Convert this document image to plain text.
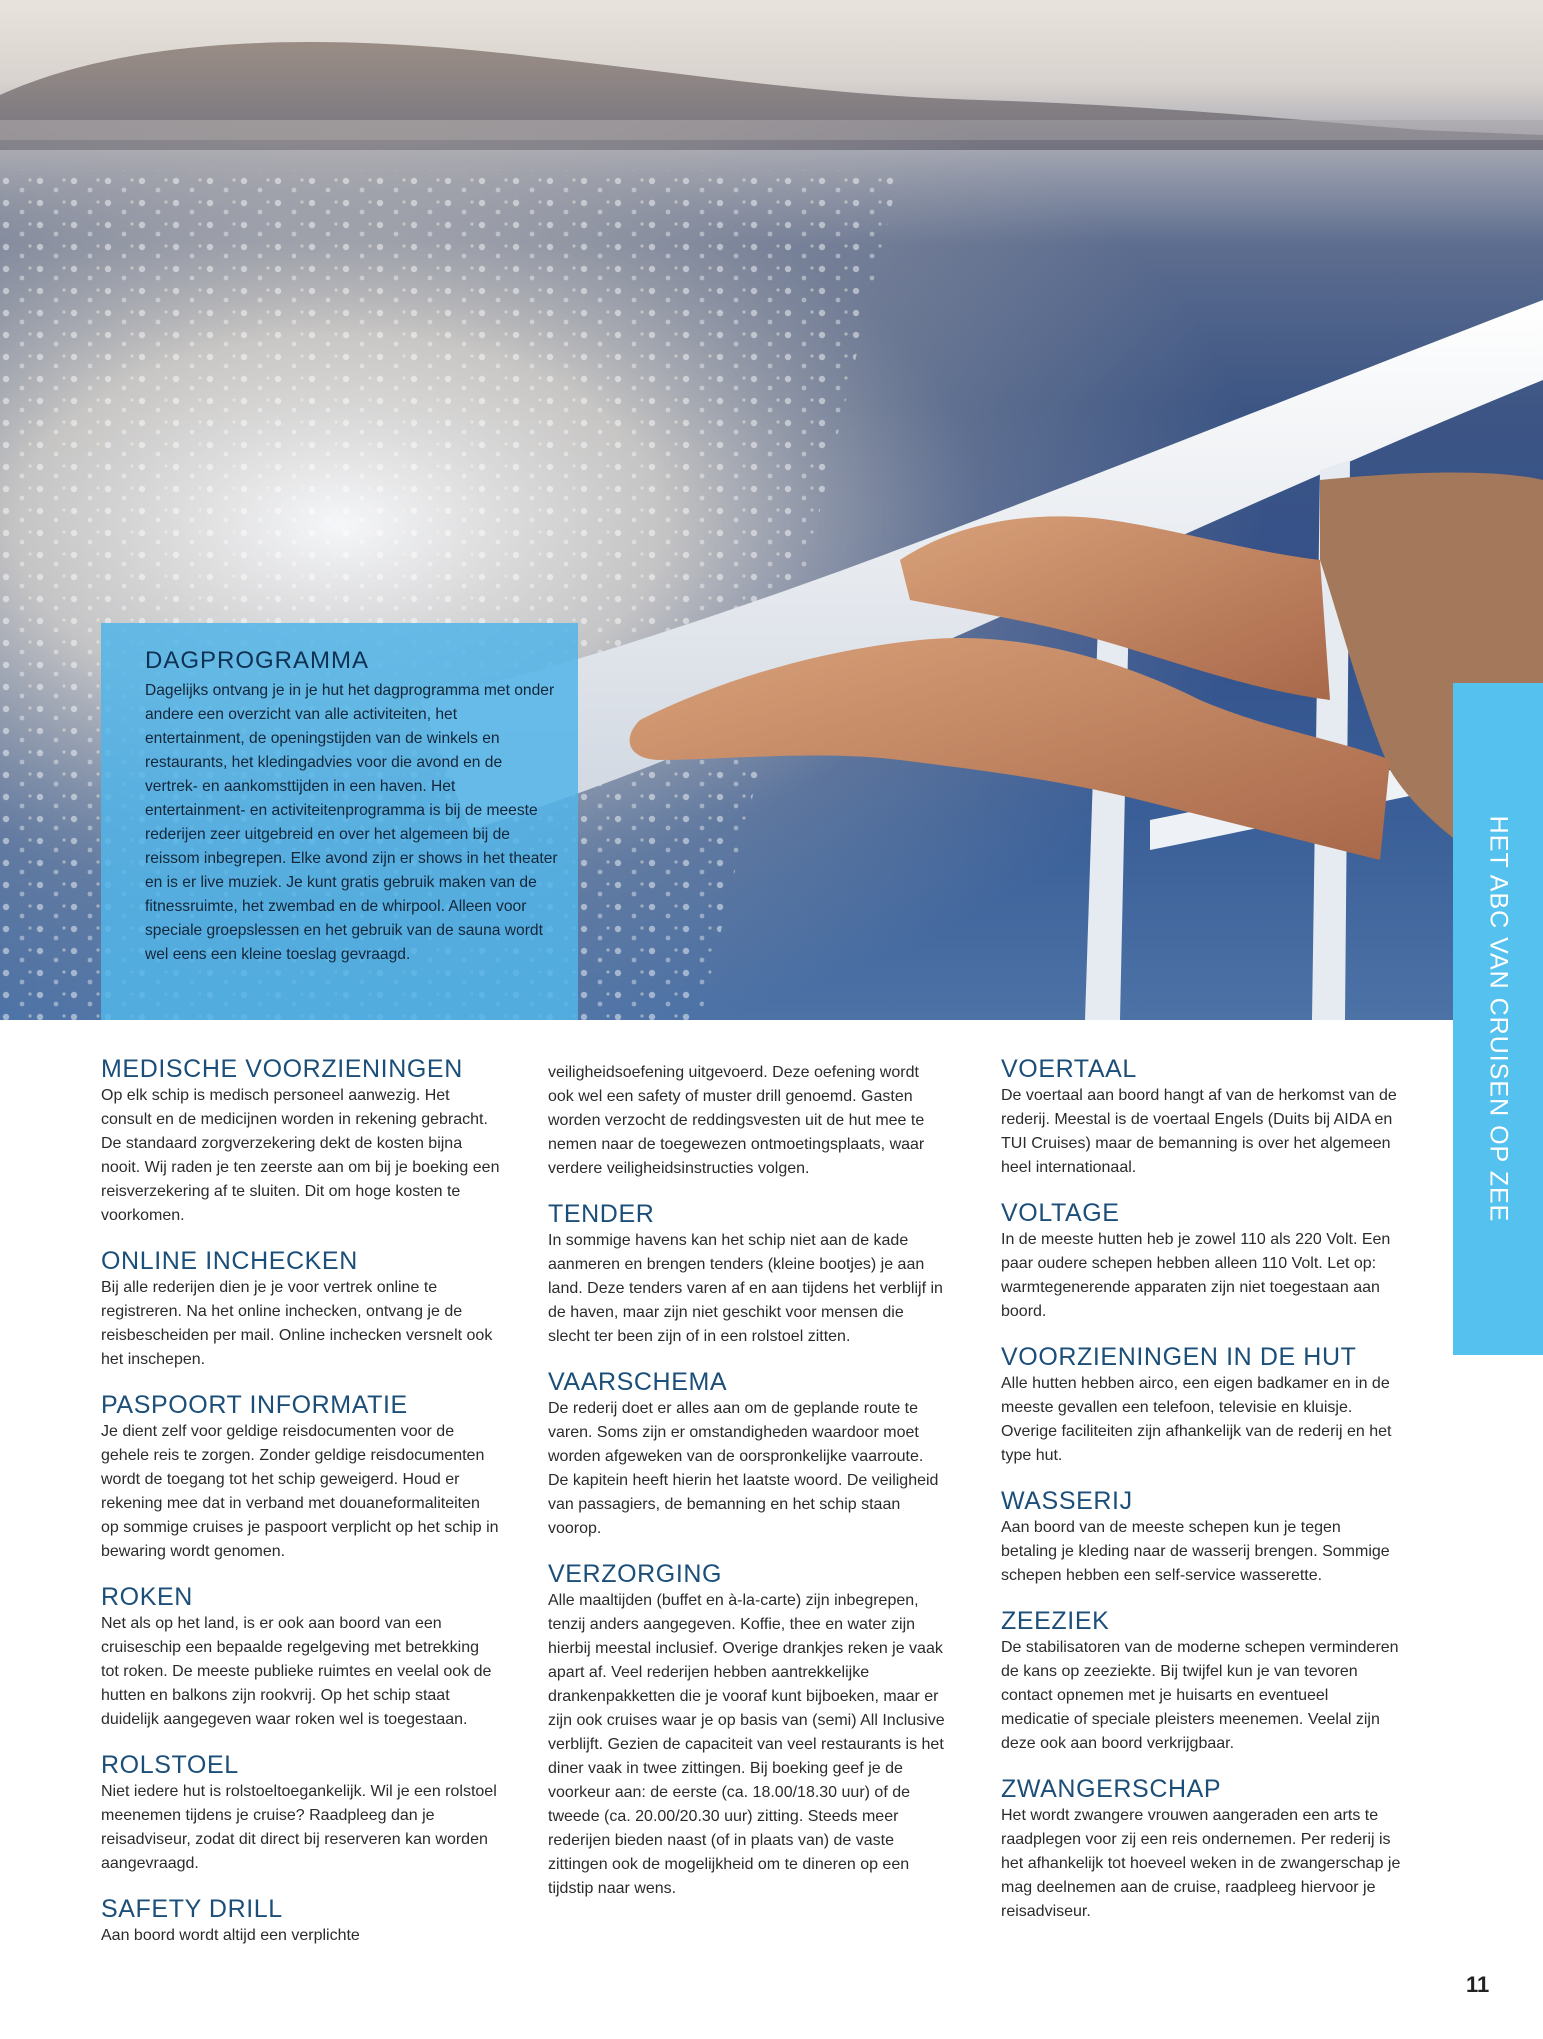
DAGPROGRAMMA

Dagelijks ontvang je in je hut het dagprogramma met onder andere een overzicht van alle activiteiten, het entertainment, de openingstijden van de winkels en restaurants, het kledingadvies voor die avond en de vertrek- en aankomsttijden in een haven. Het entertainment- en activiteitenprogramma is bij de meeste rederijen zeer uitgebreid en over het algemeen bij de reissom inbegrepen. Elke avond zijn er shows in het theater en is er live muziek. Je kunt gratis gebruik maken van de fitnessruimte, het zwembad en de whirpool. Alleen voor speciale groepslessen en het gebruik van de sauna wordt wel eens een kleine toeslag gevraagd.	HET ABC VAN CRUISEN OP ZEE
MEDISCHE VOORZIENINGEN

Op elk schip is medisch personeel aanwezig. Het consult en de medicijnen worden in rekening gebracht. De standaard zorgverzekering dekt de kosten bijna nooit. Wij raden je ten zeerste aan om bij je boeking een reisverzekering af te sluiten. Dit om hoge kosten te voorkomen.

ONLINE INCHECKEN

Bij alle rederijen dien je je voor vertrek online te registreren. Na het online inchecken, ontvang je de reisbescheiden per mail. Online inchecken versnelt ook het inschepen.

PASPOORT INFORMATIE

Je dient zelf voor geldige reisdocumenten voor de gehele reis te zorgen. Zonder geldige reisdocumenten wordt de toegang tot het schip geweigerd. Houd er rekening mee dat in verband met douaneformaliteiten op sommige cruises je paspoort verplicht op het schip in bewaring wordt genomen.

ROKEN

Net als op het land, is er ook aan boord van een cruiseschip een bepaalde regelgeving met betrekking tot roken. De meeste publieke ruimtes en veelal ook de hutten en balkons zijn rookvrij. Op het schip staat duidelijk aangegeven waar roken wel is toegestaan.

ROLSTOEL

Niet iedere hut is rolstoeltoegankelijk. Wil je een rolstoel meenemen tijdens je cruise? Raadpleeg dan je reisadviseur, zodat dit direct bij reserveren kan worden aangevraagd.

SAFETY DRILL

Aan boord wordt altijd een verplichte

veiligheidsoefening uitgevoerd. Deze oefening wordt ook wel een safety of muster drill genoemd. Gasten worden verzocht de reddingsvesten uit de hut mee te nemen naar de toegewezen ontmoetingsplaats, waar verdere veiligheidsinstructies volgen.

TENDER

In sommige havens kan het schip niet aan de kade aanmeren en brengen tenders (kleine bootjes) je aan land. Deze tenders varen af en aan tijdens het verblijf in de haven, maar zijn niet geschikt voor mensen die slecht ter been zijn of in een rolstoel zitten.

VAARSCHEMA

De rederij doet er alles aan om de geplande route te varen. Soms zijn er omstandigheden waardoor moet worden afgeweken van de oorspronkelijke vaarroute. De kapitein heeft hierin het laatste woord. De veiligheid van passagiers, de bemanning en het schip staan voorop.

VERZORGING

Alle maaltijden (buffet en à-la-carte) zijn inbegrepen, tenzij anders aangegeven. Koffie, thee en water zijn hierbij meestal inclusief. Overige drankjes reken je vaak apart af. Veel rederijen hebben aantrekkelijke drankenpakketten die je vooraf kunt bijboeken, maar er zijn ook cruises waar je op basis van (semi) All Inclusive verblijft. Gezien de capaciteit van veel restaurants is het diner vaak in twee zittingen. Bij boeking geef je de voorkeur aan: de eerste (ca. 18.00/18.30 uur) of de tweede (ca. 20.00/20.30 uur) zitting. Steeds meer rederijen bieden naast (of in plaats van) de vaste zittingen ook de mogelijkheid om te dineren op een tijdstip naar wens.

VOERTAAL

De voertaal aan boord hangt af van de herkomst van de rederij. Meestal is de voertaal Engels (Duits bij AIDA en TUI Cruises) maar de bemanning is over het algemeen heel internationaal.

VOLTAGE

In de meeste hutten heb je zowel 110 als 220 Volt. Een paar oudere schepen hebben alleen 110 Volt. Let op: warmtegenerende apparaten zijn niet toegestaan aan boord.

VOORZIENINGEN IN DE HUT

Alle hutten hebben airco, een eigen badkamer en in de meeste gevallen een telefoon, televisie en kluisje. Overige faciliteiten zijn afhankelijk van de rederij en het type hut.

WASSERIJ

Aan boord van de meeste schepen kun je tegen betaling je kleding naar de wasserij brengen. Sommige schepen hebben een self-service wasserette.

ZEEZIEK

De stabilisatoren van de moderne schepen verminderen de kans op zeeziekte. Bij twijfel kun je van tevoren contact opnemen met je huisarts en eventueel medicatie of speciale pleisters meenemen. Veelal zijn deze ook aan boord verkrijgbaar.

ZWANGERSCHAP

Het wordt zwangere vrouwen aangeraden een arts te raadplegen voor zij een reis ondernemen. Per rederij is het afhankelijk tot hoeveel weken in de zwangerschap je mag deelnemen aan de cruise, raadpleeg hiervoor je reisadviseur.

11
